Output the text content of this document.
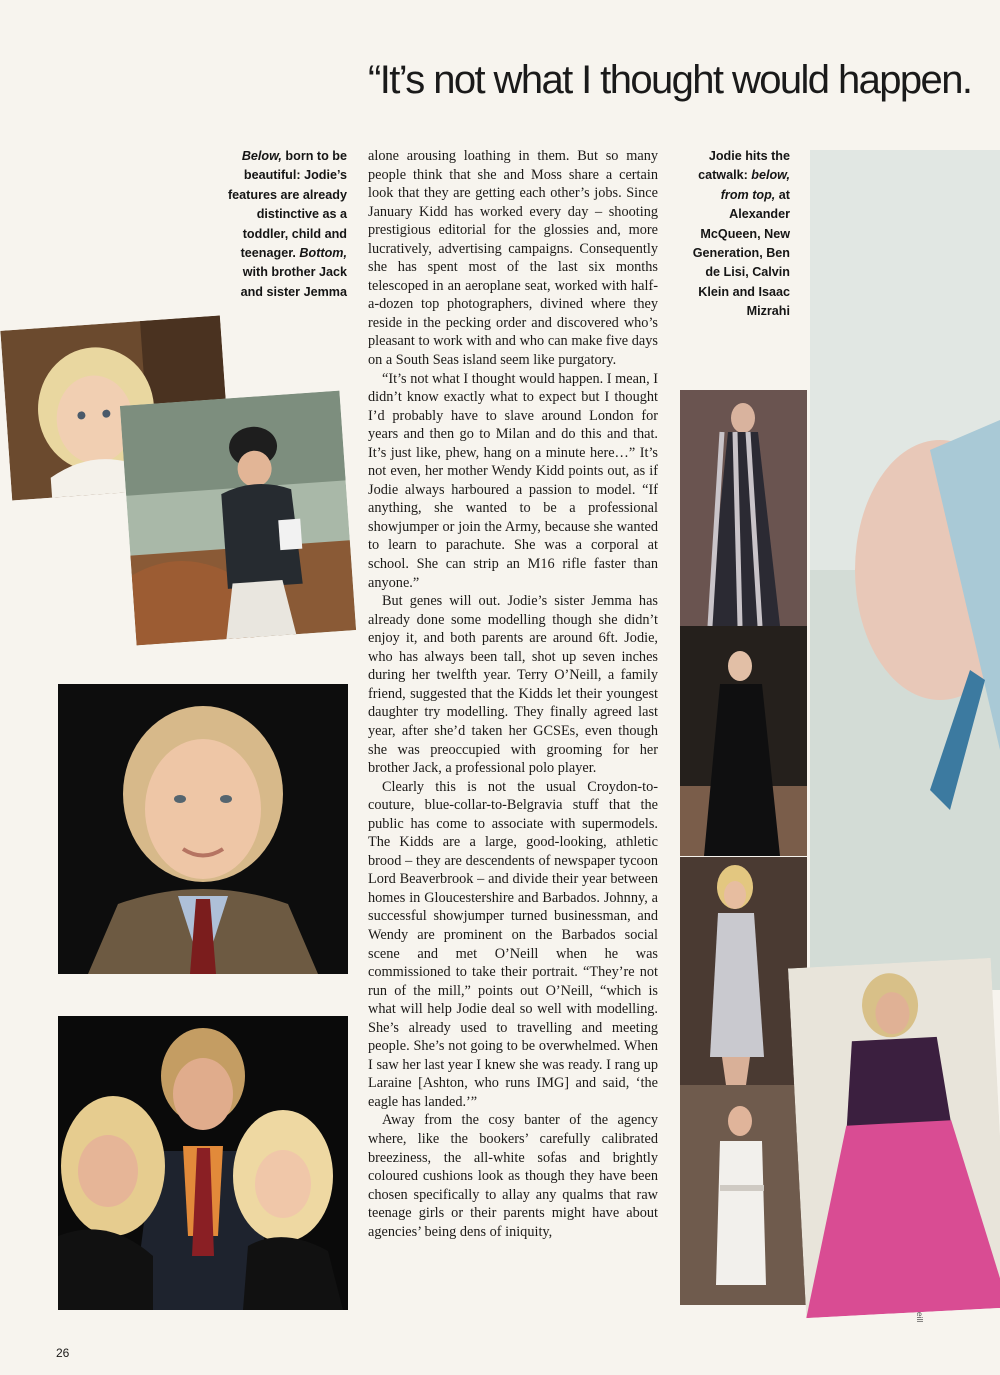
“It’s not what I thought would happen.
Below, born to be beautiful: Jodie’s features are already distinctive as a toddler, child and teenager. Bottom, with brother Jack and sister Jemma
Jodie hits the catwalk: below, from top, at Alexander McQueen, New Generation, Ben de Lisi, Calvin Klein and Isaac Mizrahi

alone arousing loathing in them. But so many people think that she and Moss share a certain look that they are getting each other’s jobs. Since January Kidd has worked every day – shooting prestigious editorial for the glossies and, more lucratively, advertising campaigns. Consequently she has spent most of the last six months telescoped in an aeroplane seat, worked with half-a-dozen top photographers, divined where they reside in the pecking order and discovered who’s pleasant to work with and who can make five days on a South Seas island seem like purgatory.

“It’s not what I thought would happen. I mean, I didn’t know exactly what to expect but I thought I’d probably have to slave around London for years and then go to Milan and do this and that. It’s just like, phew, hang on a minute here…” It’s not even, her mother Wendy Kidd points out, as if Jodie always harboured a passion to model. “If anything, she wanted to be a professional showjumper or join the Army, because she wanted to learn to parachute. She was a corporal at school. She can strip an M16 rifle faster than anyone.”

But genes will out. Jodie’s sister Jemma has already done some modelling though she didn’t enjoy it, and both parents are around 6ft. Jodie, who has always been tall, shot up seven inches during her twelfth year. Terry O’Neill, a family friend, suggested that the Kidds let their youngest daughter try modelling. They finally agreed last year, after she’d taken her GCSEs, even though she was preoccupied with grooming for her brother Jack, a professional polo player.

Clearly this is not the usual Croydon-to-couture, blue-collar-to-Belgravia stuff that the public has come to associate with supermodels. The Kidds are a large, good-looking, athletic brood – they are descendents of newspaper tycoon Lord Beaverbrook – and divide their year between homes in Gloucestershire and Barbados. Johnny, a successful showjumper turned businessman, and Wendy are prominent on the Barbados social scene and met O’Neill when he was commissioned to take their portrait. “They’re not run of the mill,” points out O’Neill, “which is what will help Jodie deal so well with modelling. She’s already used to travelling and meeting people. She’s not going to be overwhelmed. When I saw her last year I knew she was ready. I rang up Laraine [Ashton, who runs IMG] and said, ‘the eagle has landed.’”

Away from the cosy banter of the agency where, like the bookers’ carefully calibrated breeziness, the all-white sofas and brightly coloured cushions look as though they have been chosen specifically to allay any qualms that raw teenage girls or their parents might have about agencies’ being dens of iniquity,

26
